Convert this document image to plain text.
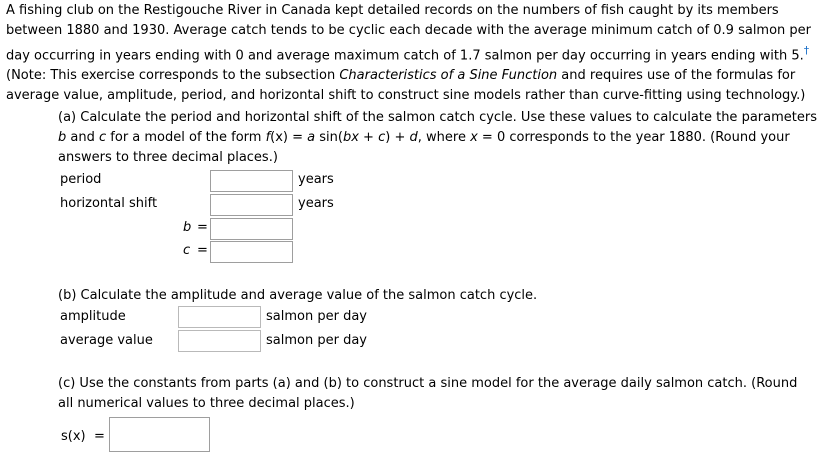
A fishing club on the Restigouche River in Canada kept detailed records on the numbers of fish caught by its members
between 1880 and 1930. Average catch tends to be cyclic each decade with the average minimum catch of 0.9 salmon per
day occurring in years ending with 0 and average maximum catch of 1.7 salmon per day occurring in years ending with 5.†
(Note: This exercise corresponds to the subsection Characteristics of a Sine Function and requires use of the formulas for
average value, amplitude, period, and horizontal shift to construct sine models rather than curve-fitting using technology.)
(a) Calculate the period and horizontal shift of the salmon catch cycle. Use these values to calculate the parameters
b and c for a model of the form f(x) = a sin(bx + c) + d, where x = 0 corresponds to the year 1880. (Round your
answers to three decimal places.)
period	years
horizontal shift	years
b =
c =
(b) Calculate the amplitude and average value of the salmon catch cycle.
amplitude	salmon per day
average value	salmon per day
(c) Use the constants from parts (a) and (b) to construct a sine model for the average daily salmon catch. (Round
all numerical values to three decimal places.)
s(x) =
